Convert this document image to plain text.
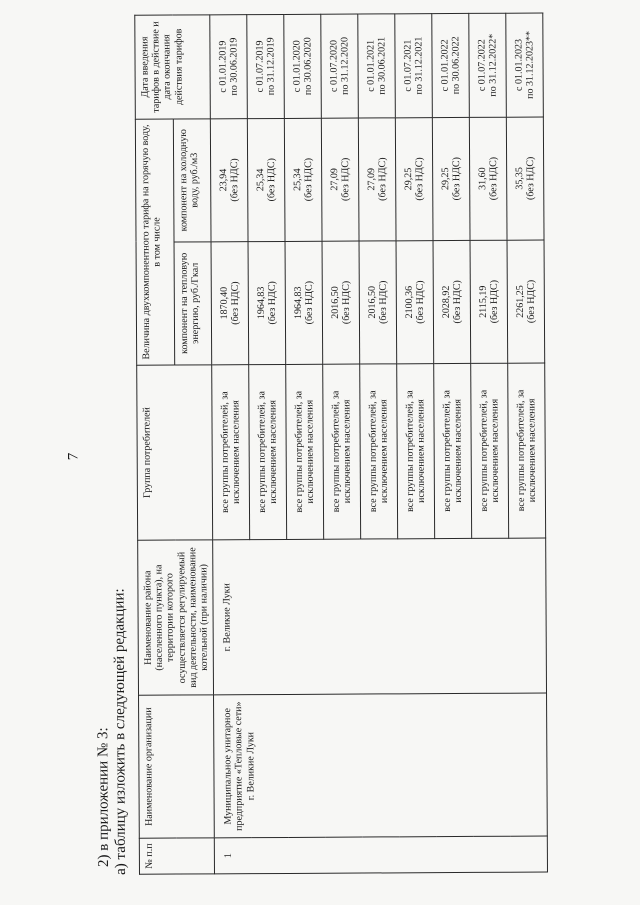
7
2) в приложении № 3: а) таблицу изложить в следующей редакции: № п.п	Наименование организации	Наименование района (населенного пункта), на территории которого осуществляется регулируемый вид деятельности, наименование котельной (при наличии)	Группа потребителей	Величина двухкомпонентного тарифа на горячую воду, в том числе		Дата введения тарифов в действие и дата окончания действия тарифов
				компонент на тепловую энергию, руб./Гкал	компонент на холодную воду, руб./м3	
1	Муниципальное унитарное предприятие «Тепловые сети» г. Великие Луки	г. Великие Луки	все группы потребителей, за исключением населения	1870,40 (без НДС)	23,94 (без НДС)	с 01.01.2019 по 30.06.2019

			все группы потребителей, за исключением населения	1964,83 (без НДС)	25,34 (без НДС)	с 01.07.2019 по 31.12.2019

			все группы потребителей, за исключением населения	1964,83 (без НДС)	25,34 (без НДС)	с 01.01.2020 по 30.06.2020

			все группы потребителей, за исключением населения	2016,50 (без НДС)	27,09 (без НДС)	с 01.07.2020 по 31.12.2020

			все группы потребителей, за исключением населения	2016,50 (без НДС)	27,09 (без НДС)	с 01.01.2021 по 30.06.2021

			все группы потребителей, за исключением населения	2100,36 (без НДС)	29,25 (без НДС)	с 01.07.2021 по 31.12.2021

			все группы потребителей, за исключением населения	2028,92 (без НДС)	29,25 (без НДС)	с 01.01.2022 по 30.06.2022

			все группы потребителей, за исключением населения	2115,19 (без НДС)	31,60 (без НДС)	с 01.07.2022 по 31.12.2022*

			все группы потребителей, за исключением населения	2261,25 (без НДС)	35,35 (без НДС)	с 01.01.2023 по 31.12.2023**
